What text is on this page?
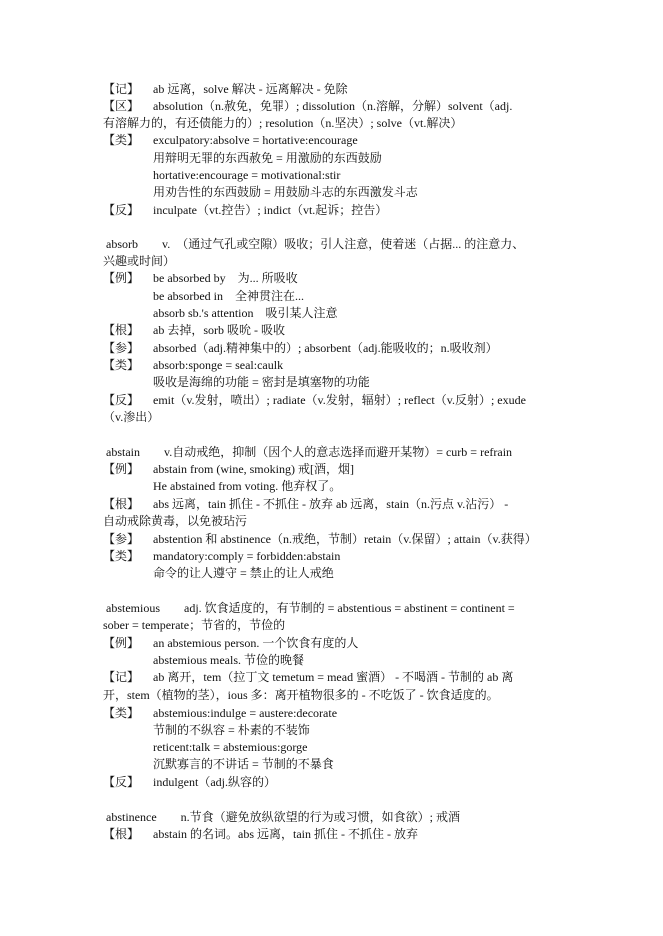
【记】 ab 远离，solve 解决 - 远离解决 - 免除
【区】 absolution（n.赦免，免罪）; dissolution（n.溶解，分解）solvent（adj.
有溶解力的，有还债能力的）; resolution（n.坚决）; solve（vt.解决）
【类】 exculpatory:absolve = hortative:encourage
用辩明无罪的东西赦免 = 用激励的东西鼓励
hortative:encourage = motivational:stir
用劝告性的东西鼓励 = 用鼓励斗志的东西激发斗志
【反】 inculpate（vt.控告）; indict（vt.起诉；控告）
absorb　　v.　（通过气孔或空隙）吸收；引人注意，使着迷（占据... 的注意力、
兴趣或时间）
【例】 be absorbed by　为... 所吸收
be absorbed in　全神贯注在...
absorb sb.'s attention　吸引某人注意
【根】 ab 去掉，sorb 吸吮 - 吸收
【参】 absorbed（adj.精神集中的）; absorbent（adj.能吸收的；n.吸收剂）
【类】 absorb:sponge = seal:caulk
吸收是海绵的功能 = 密封是填塞物的功能
【反】 emit（v.发射，喷出）; radiate（v.发射，辐射）; reflect（v.反射）; exude
（v.渗出）
abstain　　v.自动戒绝，抑制（因个人的意志选择而避开某物）= curb = refrain
【例】 abstain from (wine, smoking) 戒[酒，烟]
He abstained from voting. 他弃权了。
【根】 abs 远离，tain 抓住 - 不抓住 - 放弃 ab 远离，stain（n.污点 v.沾污） -
自动戒除黄毒，以免被玷污
【参】 abstention 和 abstinence（n.戒绝，节制）retain（v.保留）; attain（v.获得）
【类】 mandatory:comply = forbidden:abstain
命令的让人遵守 = 禁止的让人戒绝
abstemious　　adj. 饮食适度的，有节制的 = abstentious = abstinent = continent =
sober = temperate；节省的，节俭的
【例】 an abstemious person. 一个饮食有度的人
abstemious meals. 节俭的晚餐
【记】 ab 离开，tem（拉丁文 temetum = mead 蜜酒） - 不喝酒 - 节制的 ab 离
开，stem（植物的茎），ious 多：离开植物很多的 - 不吃饭了 - 饮食适度的。
【类】 abstemious:indulge = austere:decorate
节制的不纵容 = 朴素的不装饰
reticent:talk = abstemious:gorge
沉默寡言的不讲话 = 节制的不暴食
【反】 indulgent（adj.纵容的）
abstinence　　n.节食（避免放纵欲望的行为或习惯，如食欲）; 戒酒
【根】 abstain 的名词。abs 远离，tain 抓住 - 不抓住 - 放弃
